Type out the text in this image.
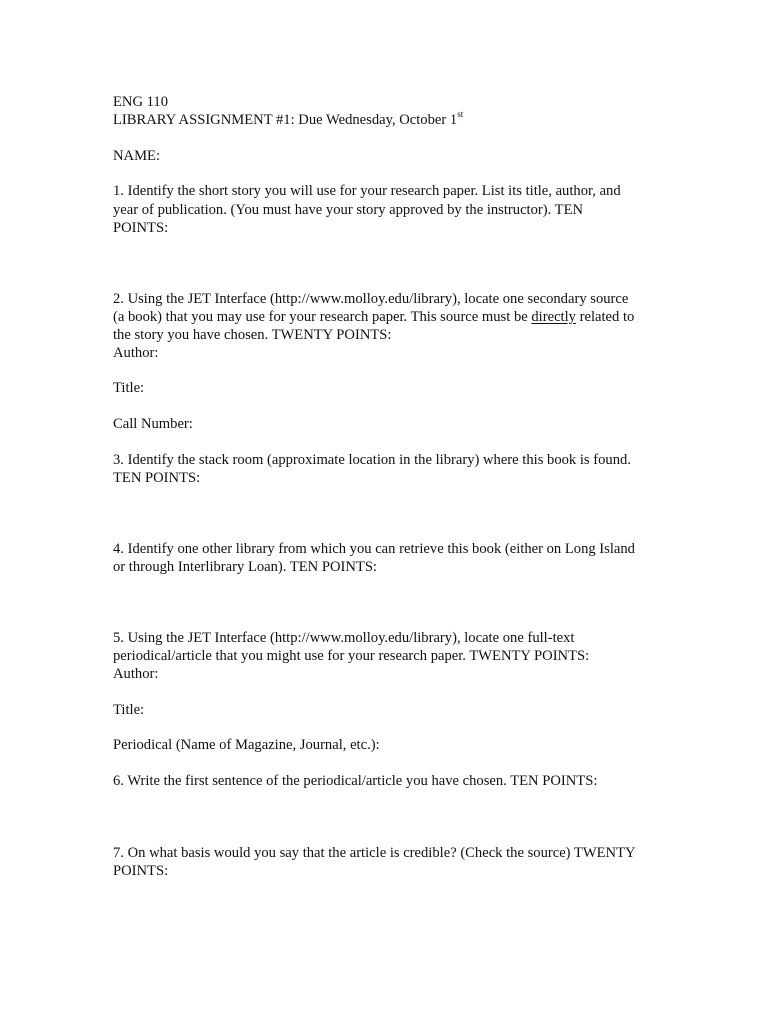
ENG 110
LIBRARY ASSIGNMENT #1: Due Wednesday, October 1st
NAME:
1. Identify the short story you will use for your research paper. List its title, author, and
year of publication. (You must have your story approved by the instructor). TEN
POINTS:
2. Using the JET Interface (http://www.molloy.edu/library), locate one secondary source
(a book) that you may use for your research paper. This source must be directly related to
the story you have chosen. TWENTY POINTS:
Author:
Title:
Call Number:
3. Identify the stack room (approximate location in the library) where this book is found.
TEN POINTS:
4. Identify one other library from which you can retrieve this book (either on Long Island
or through Interlibrary Loan). TEN POINTS:
5. Using the JET Interface (http://www.molloy.edu/library), locate one full-text
periodical/article that you might use for your research paper. TWENTY POINTS:
Author:
Title:
Periodical (Name of Magazine, Journal, etc.):
6. Write the first sentence of the periodical/article you have chosen. TEN POINTS:
7. On what basis would you say that the article is credible? (Check the source) TWENTY
POINTS:
